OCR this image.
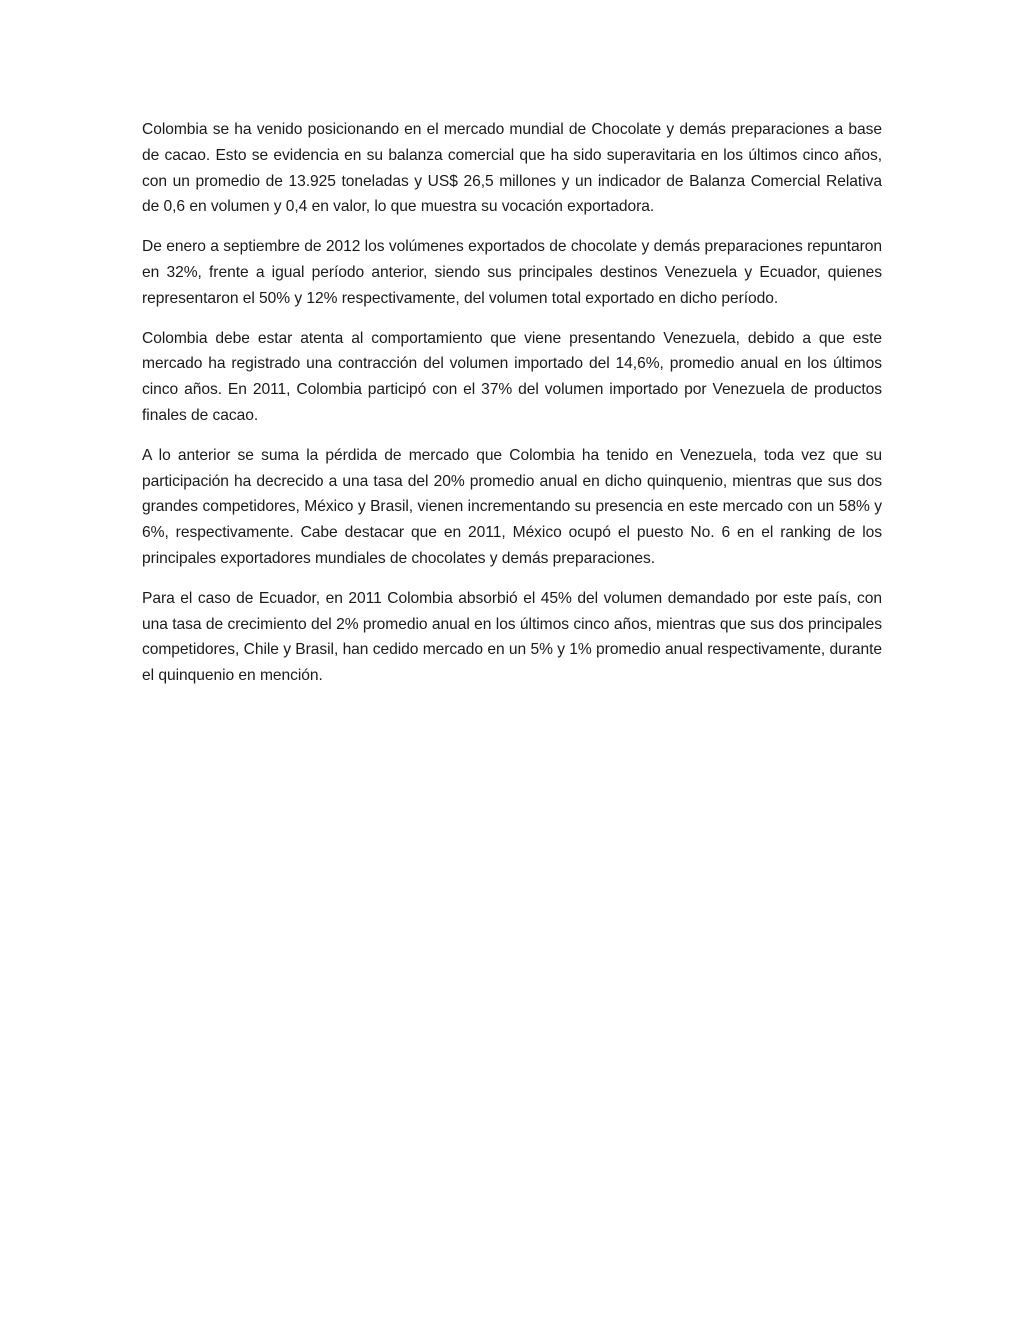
Colombia se ha venido posicionando en el mercado mundial de Chocolate y demás preparaciones a base de cacao. Esto se evidencia en su balanza comercial que ha sido superavitaria en los últimos cinco años, con un promedio de 13.925 toneladas y US$ 26,5 millones y un indicador de Balanza Comercial Relativa de 0,6 en volumen y 0,4 en valor, lo que muestra su vocación exportadora.

De enero a septiembre de 2012 los volúmenes exportados de chocolate y demás preparaciones repuntaron en 32%, frente a igual período anterior, siendo sus principales destinos Venezuela y Ecuador, quienes representaron el 50% y 12% respectivamente, del volumen total exportado en dicho período.

Colombia debe estar atenta al comportamiento que viene presentando Venezuela, debido a que este mercado ha registrado una contracción del volumen importado del 14,6%, promedio anual en los últimos cinco años. En 2011, Colombia participó con el 37% del volumen importado por Venezuela de productos finales de cacao.

A lo anterior se suma la pérdida de mercado que Colombia ha tenido en Venezuela, toda vez que su participación ha decrecido a una tasa del 20% promedio anual en dicho quinquenio, mientras que sus dos grandes competidores, México y Brasil, vienen incrementando su presencia en este mercado con un 58% y 6%, respectivamente. Cabe destacar que en 2011, México ocupó el puesto No. 6 en el ranking de los principales exportadores mundiales de chocolates y demás preparaciones.

Para el caso de Ecuador, en 2011 Colombia absorbió el 45% del volumen demandado por este país, con una tasa de crecimiento del 2% promedio anual en los últimos cinco años, mientras que sus dos principales competidores, Chile y Brasil, han cedido mercado en un 5% y 1% promedio anual respectivamente, durante el quinquenio en mención.
